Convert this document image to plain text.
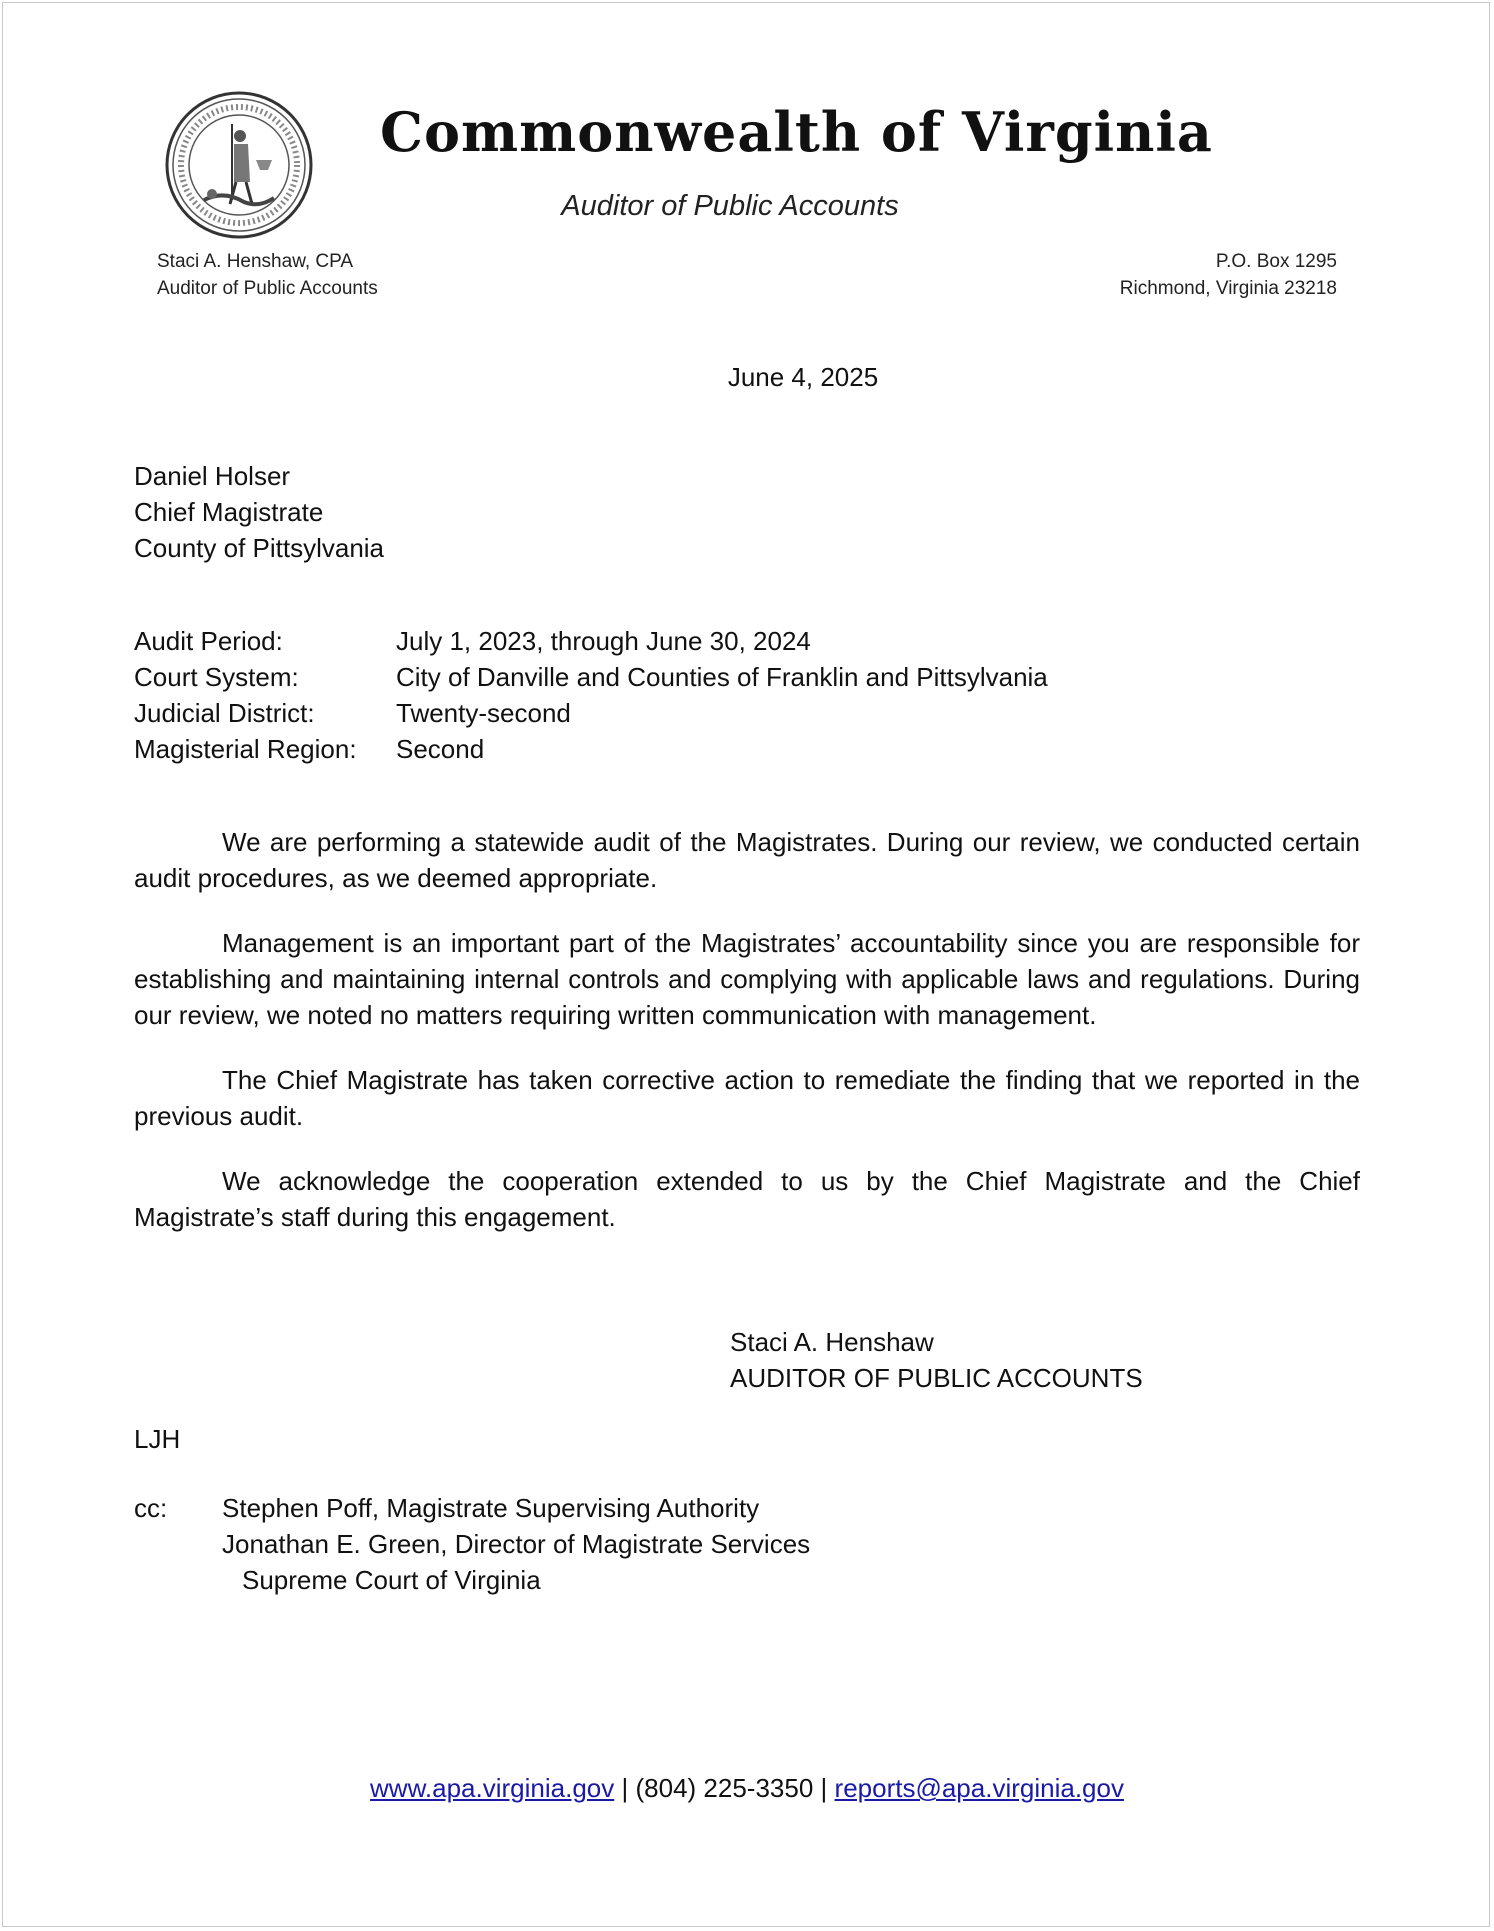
Commonwealth of Virginia
Auditor of Public Accounts
Staci A. Henshaw, CPA
Auditor of Public Accounts
P.O. Box 1295
Richmond, Virginia 23218
June 4, 2025
Daniel Holser
Chief Magistrate
County of Pittsylvania
Audit Period:	July 1, 2023, through June 30, 2024
Court System:	City of Danville and Counties of Franklin and Pittsylvania
Judicial District:	Twenty-second
Magisterial Region:	Second

We are performing a statewide audit of the Magistrates. During our review, we conducted certain audit procedures, as we deemed appropriate.

Management is an important part of the Magistrates’ accountability since you are responsible for establishing and maintaining internal controls and complying with applicable laws and regulations. During our review, we noted no matters requiring written communication with management.

The Chief Magistrate has taken corrective action to remediate the finding that we reported in the previous audit.

We acknowledge the cooperation extended to us by the Chief Magistrate and the Chief Magistrate’s staff during this engagement.

Staci A. Henshaw
AUDITOR OF PUBLIC ACCOUNTS
LJH
cc:	Stephen Poff, Magistrate Supervising Authority
Jonathan E. Green, Director of Magistrate Services
Supreme Court of Virginia
www.apa.virginia.gov | (804) 225-3350 | reports@apa.virginia.gov
